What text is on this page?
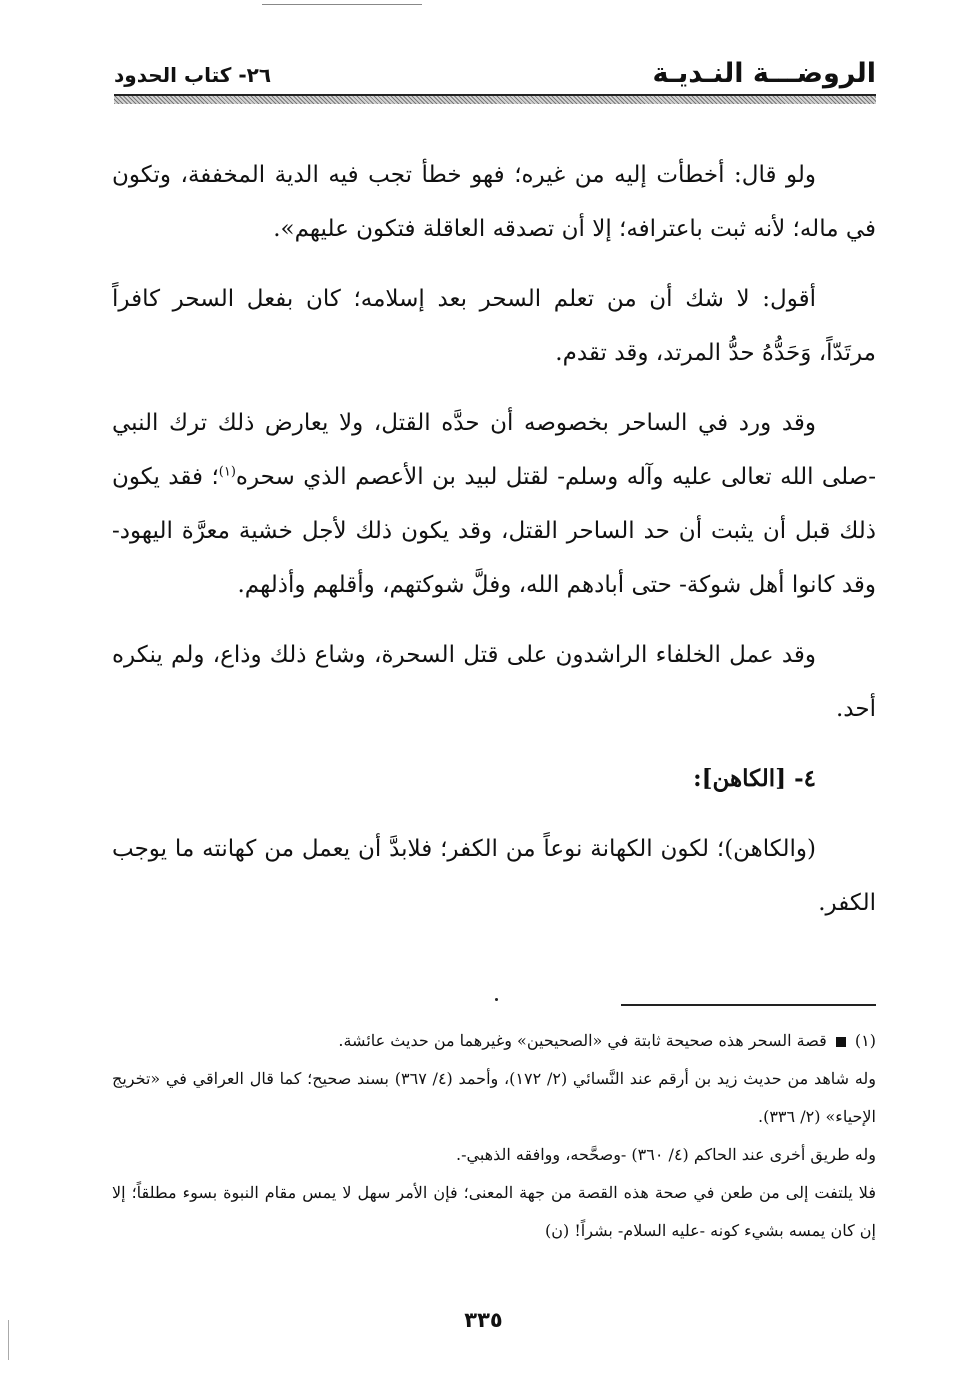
الروضـــة النـديـة
٢٦- كتاب الحدود

ولو قال: أخطأت إليه من غيره؛ فهو خطأ تجب فيه الدية المخففة، وتكون في ماله؛ لأنه ثبت باعترافه؛ إلا أن تصدقه العاقلة فتكون عليهم».

أقول: لا شك أن من تعلم السحر بعد إسلامه؛ كان بفعل السحر كافراً مرتَدّاً، وَحَدُّهُ حدُّ المرتد، وقد تقدم.

وقد ورد في الساحر بخصوصه أن حدَّه القتل، ولا يعارض ذلك ترك النبي -صلى الله تعالى عليه وآله وسلم- لقتل لبيد بن الأعصم الذي سحره$^{(١)}$؛ فقد يكون ذلك قبل أن يثبت أن حد الساحر القتل، وقد يكون ذلك لأجل خشية معرَّة اليهود- وقد كانوا أهل شوكة- حتى أبادهم الله، وفلَّ شوكتهم، وأقلهم وأذلهم.

وقد عمل الخلفاء الراشدون على قتل السحرة، وشاع ذلك وذاع، ولم ينكره أحد.

٤- [الكاهن]:

(والكاهن)؛ لكون الكهانة نوعاً من الكفر؛ فلابدَّ أن يعمل من كهانته ما يوجب الكفر.

(١)  قصة السحر هذه صحيحة ثابتة في «الصحيحين» وغيرهما من حديث عائشة.

وله شاهد من حديث زيد بن أرقم عند النَّسائي (٢/ ١٧٢)، وأحمد (٤/ ٣٦٧) بسند صحيح؛ كما قال العراقي في «تخريج الإحياء» (٢/ ٣٣٦).

وله طريق أخرى عند الحاكم (٤/ ٣٦٠) -وصحَّحه، ووافقه الذهبي-.

فلا يلتفت إلى من طعن في صحة هذه القصة من جهة المعنى؛ فإن الأمر سهل لا يمس مقام النبوة بسوء مطلقاً؛ إلا إن كان يمسه بشيء كونه -عليه السلام- بشراً! (ن)

٣٣٥
